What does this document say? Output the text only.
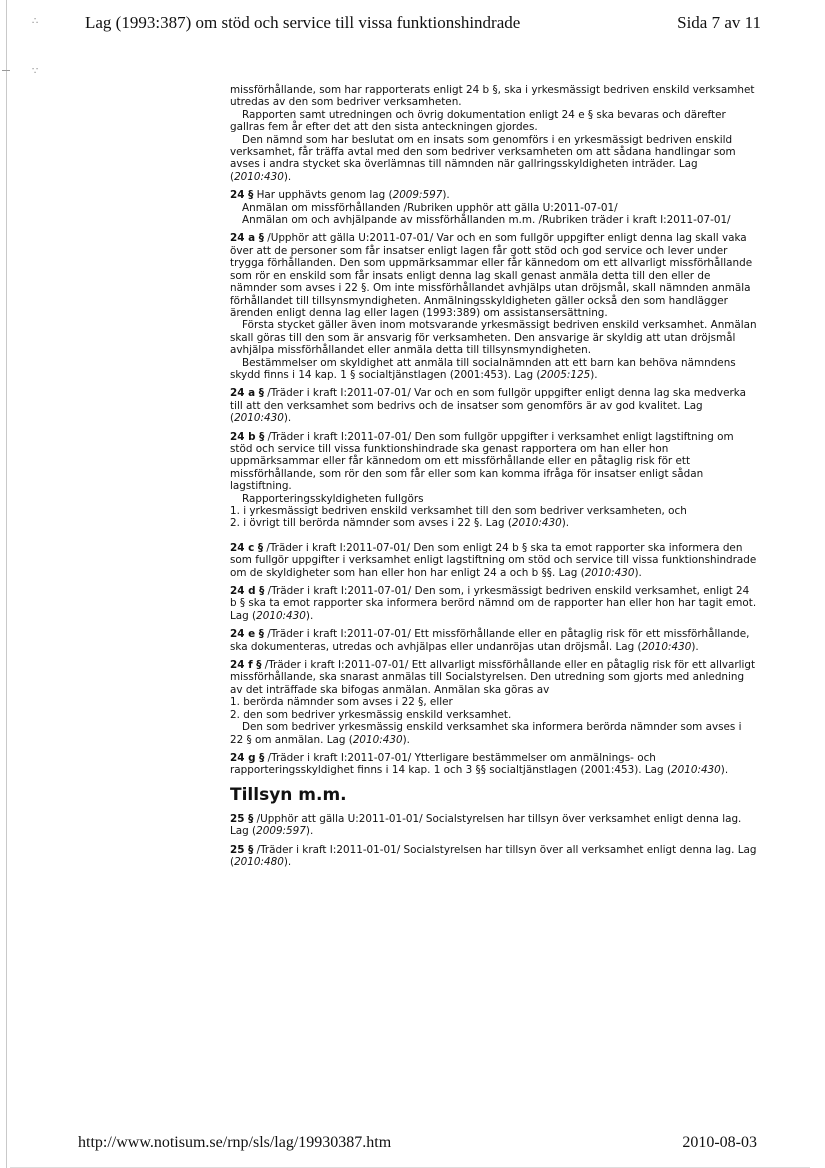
∴
∵
Lag (1993:387) om stöd och service till vissa funktionshindrade	Sida 7 av 11

missförhållande, som har rapporterats enligt 24 b §, ska i yrkesmässigt bedriven enskild verksamhet utredas av den som bedriver verksamheten.

Rapporten samt utredningen och övrig dokumentation enligt 24 e § ska bevaras och därefter gallras fem år efter det att den sista anteckningen gjordes.

Den nämnd som har beslutat om en insats som genomförs i en yrkesmässigt bedriven enskild verksamhet, får träffa avtal med den som bedriver verksamheten om att sådana handlingar som avses i andra stycket ska överlämnas till nämnden när gallringsskyldigheten inträder. Lag (2010:430).

24 § Har upphävts genom lag (2009:597).

Anmälan om missförhållanden /Rubriken upphör att gälla U:2011-07-01/

Anmälan om och avhjälpande av missförhållanden m.m. /Rubriken träder i kraft I:2011-07-01/

24 a § /Upphör att gälla U:2011-07-01/ Var och en som fullgör uppgifter enligt denna lag skall vaka över att de personer som får insatser enligt lagen får gott stöd och god service och lever under trygga förhållanden. Den som uppmärksammar eller får kännedom om ett allvarligt missförhållande som rör en enskild som får insats enligt denna lag skall genast anmäla detta till den eller de nämnder som avses i 22 §. Om inte missförhållandet avhjälps utan dröjsmål, skall nämnden anmäla förhållandet till tillsynsmyndigheten. Anmälningsskyldigheten gäller också den som handlägger ärenden enligt denna lag eller lagen (1993:389) om assistansersättning.

Första stycket gäller även inom motsvarande yrkesmässigt bedriven enskild verksamhet. Anmälan skall göras till den som är ansvarig för verksamheten. Den ansvarige är skyldig att utan dröjsmål avhjälpa missförhållandet eller anmäla detta till tillsynsmyndigheten.

Bestämmelser om skyldighet att anmäla till socialnämnden att ett barn kan behöva nämndens skydd finns i 14 kap. 1 § socialtjänstlagen (2001:453). Lag (2005:125).

24 a § /Träder i kraft I:2011-07-01/ Var och en som fullgör uppgifter enligt denna lag ska medverka till att den verksamhet som bedrivs och de insatser som genomförs är av god kvalitet. Lag (2010:430).

24 b § /Träder i kraft I:2011-07-01/ Den som fullgör uppgifter i verksamhet enligt lagstiftning om stöd och service till vissa funktionshindrade ska genast rapportera om han eller hon uppmärksammar eller får kännedom om ett missförhållande eller en påtaglig risk för ett missförhållande, som rör den som får eller som kan komma ifråga för insatser enligt sådan lagstiftning.

Rapporteringsskyldigheten fullgörs

1. i yrkesmässigt bedriven enskild verksamhet till den som bedriver verksamheten, och

2. i övrigt till berörda nämnder som avses i 22 §. Lag (2010:430).

24 c § /Träder i kraft I:2011-07-01/ Den som enligt 24 b § ska ta emot rapporter ska informera den som fullgör uppgifter i verksamhet enligt lagstiftning om stöd och service till vissa funktionshindrade om de skyldigheter som han eller hon har enligt 24 a och b §§. Lag (2010:430).

24 d § /Träder i kraft I:2011-07-01/ Den som, i yrkesmässigt bedriven enskild verksamhet, enligt 24 b § ska ta emot rapporter ska informera berörd nämnd om de rapporter han eller hon har tagit emot. Lag (2010:430).

24 e § /Träder i kraft I:2011-07-01/ Ett missförhållande eller en påtaglig risk för ett missförhållande, ska dokumenteras, utredas och avhjälpas eller undanröjas utan dröjsmål. Lag (2010:430).

24 f § /Träder i kraft I:2011-07-01/ Ett allvarligt missförhållande eller en påtaglig risk för ett allvarligt missförhållande, ska snarast anmälas till Socialstyrelsen. Den utredning som gjorts med anledning av det inträffade ska bifogas anmälan. Anmälan ska göras av

1. berörda nämnder som avses i 22 §, eller

2. den som bedriver yrkesmässig enskild verksamhet.

Den som bedriver yrkesmässig enskild verksamhet ska informera berörda nämnder som avses i 22 § om anmälan. Lag (2010:430).

24 g § /Träder i kraft I:2011-07-01/ Ytterligare bestämmelser om anmälnings- och rapporteringsskyldighet finns i 14 kap. 1 och 3 §§ socialtjänstlagen (2001:453). Lag (2010:430).

Tillsyn m.m.

25 § /Upphör att gälla U:2011-01-01/ Socialstyrelsen har tillsyn över verksamhet enligt denna lag. Lag (2009:597).

25 § /Träder i kraft I:2011-01-01/ Socialstyrelsen har tillsyn över all verksamhet enligt denna lag. Lag (2010:480).

http://www.notisum.se/rnp/sls/lag/19930387.htm	2010-08-03
